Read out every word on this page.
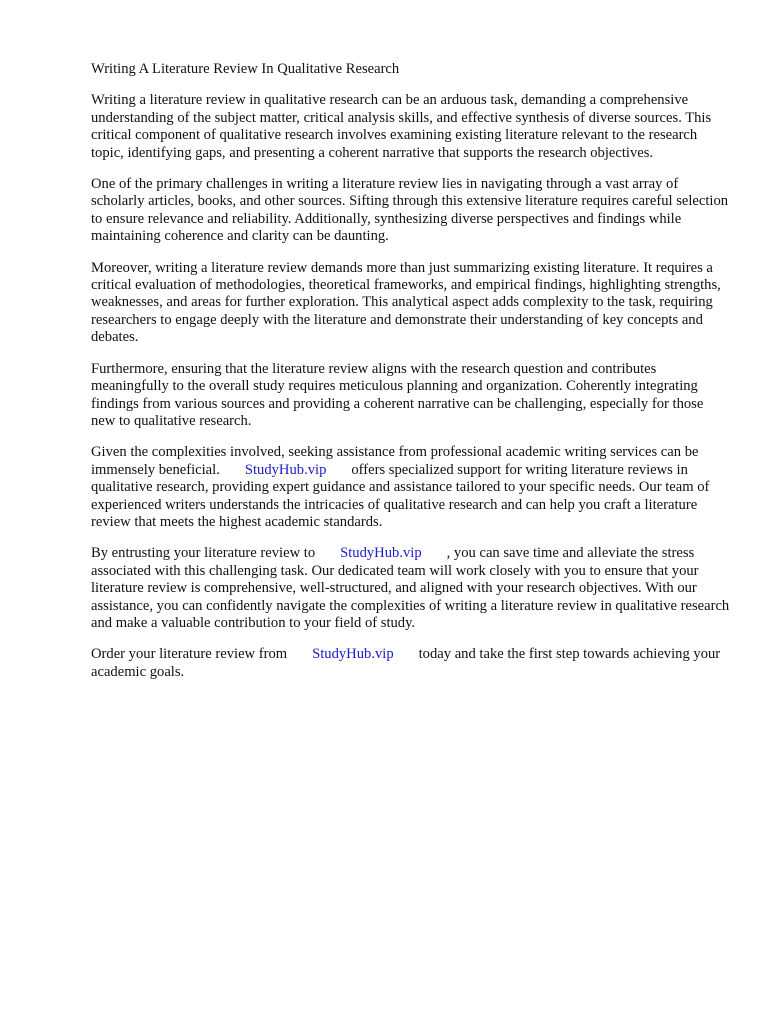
Writing A Literature Review In Qualitative Research

Writing a literature review in qualitative research can be an arduous task, demanding a comprehensive understanding of the subject matter, critical analysis skills, and effective synthesis of diverse sources. This critical component of qualitative research involves examining existing literature relevant to the research topic, identifying gaps, and presenting a coherent narrative that supports the research objectives.

One of the primary challenges in writing a literature review lies in navigating through a vast array of scholarly articles, books, and other sources. Sifting through this extensive literature requires careful selection to ensure relevance and reliability. Additionally, synthesizing diverse perspectives and findings while maintaining coherence and clarity can be daunting.

Moreover, writing a literature review demands more than just summarizing existing literature. It requires a critical evaluation of methodologies, theoretical frameworks, and empirical findings, highlighting strengths, weaknesses, and areas for further exploration. This analytical aspect adds complexity to the task, requiring researchers to engage deeply with the literature and demonstrate their understanding of key concepts and debates.

Furthermore, ensuring that the literature review aligns with the research question and contributes meaningfully to the overall study requires meticulous planning and organization. Coherently integrating findings from various sources and providing a coherent narrative can be challenging, especially for those new to qualitative research.

Given the complexities involved, seeking assistance from professional academic writing services can be immensely beneficial. StudyHub.vip offers specialized support for writing literature reviews in qualitative research, providing expert guidance and assistance tailored to your specific needs. Our team of experienced writers understands the intricacies of qualitative research and can help you craft a literature review that meets the highest academic standards.

By entrusting your literature review to StudyHub.vip , you can save time and alleviate the stress associated with this challenging task. Our dedicated team will work closely with you to ensure that your literature review is comprehensive, well-structured, and aligned with your research objectives. With our assistance, you can confidently navigate the complexities of writing a literature review in qualitative research and make a valuable contribution to your field of study.

Order your literature review from StudyHub.vip today and take the first step towards achieving your academic goals.
